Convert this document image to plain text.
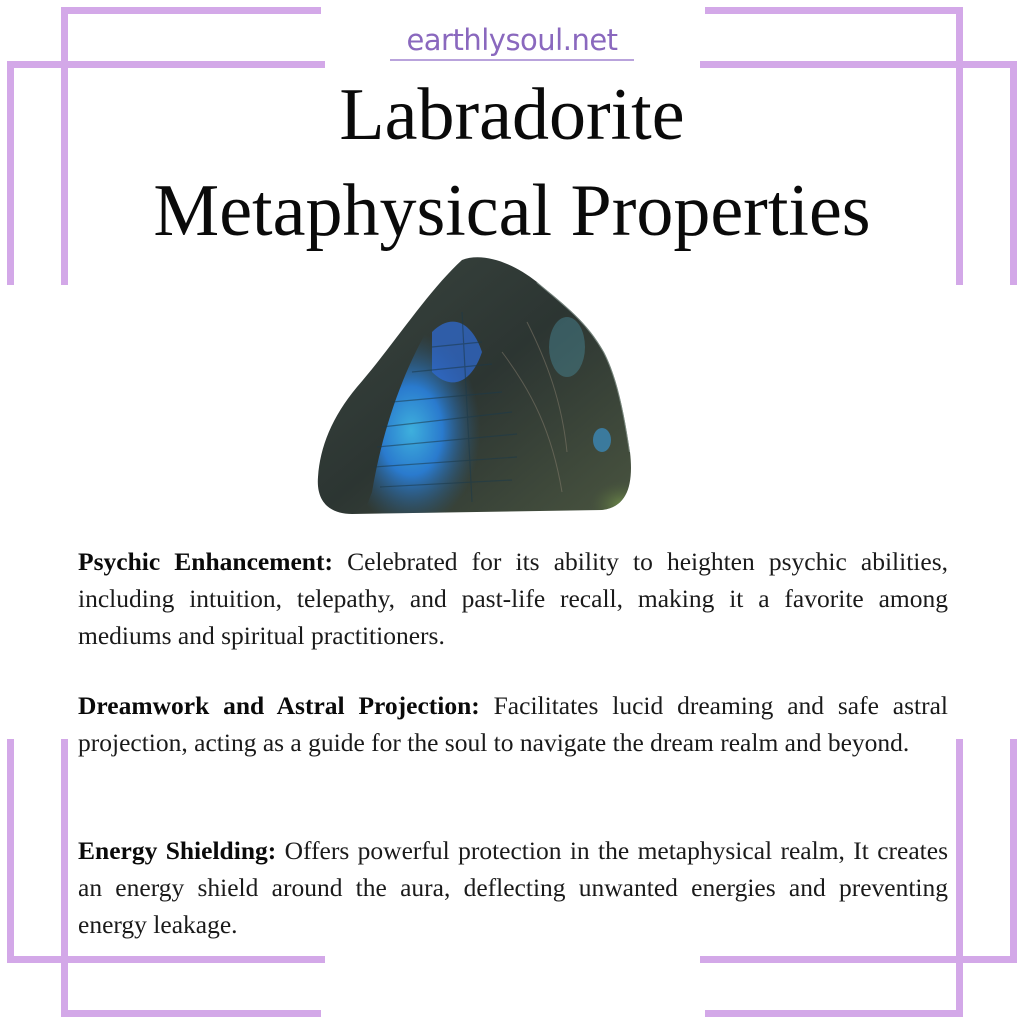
earthlysoul.net
Labradorite
Metaphysical Properties

Psychic Enhancement: Celebrated for its ability to heighten psychic abilities, including intuition, telepathy, and past-life recall, making it a favorite among mediums and spiritual practitioners.

Dreamwork and Astral Projection: Facilitates lucid dreaming and safe astral projection, acting as a guide for the soul to navigate the dream realm and beyond.

Energy Shielding: Offers powerful protection in the metaphysical realm, It creates an energy shield around the aura, deflecting unwanted energies and preventing energy leakage.
